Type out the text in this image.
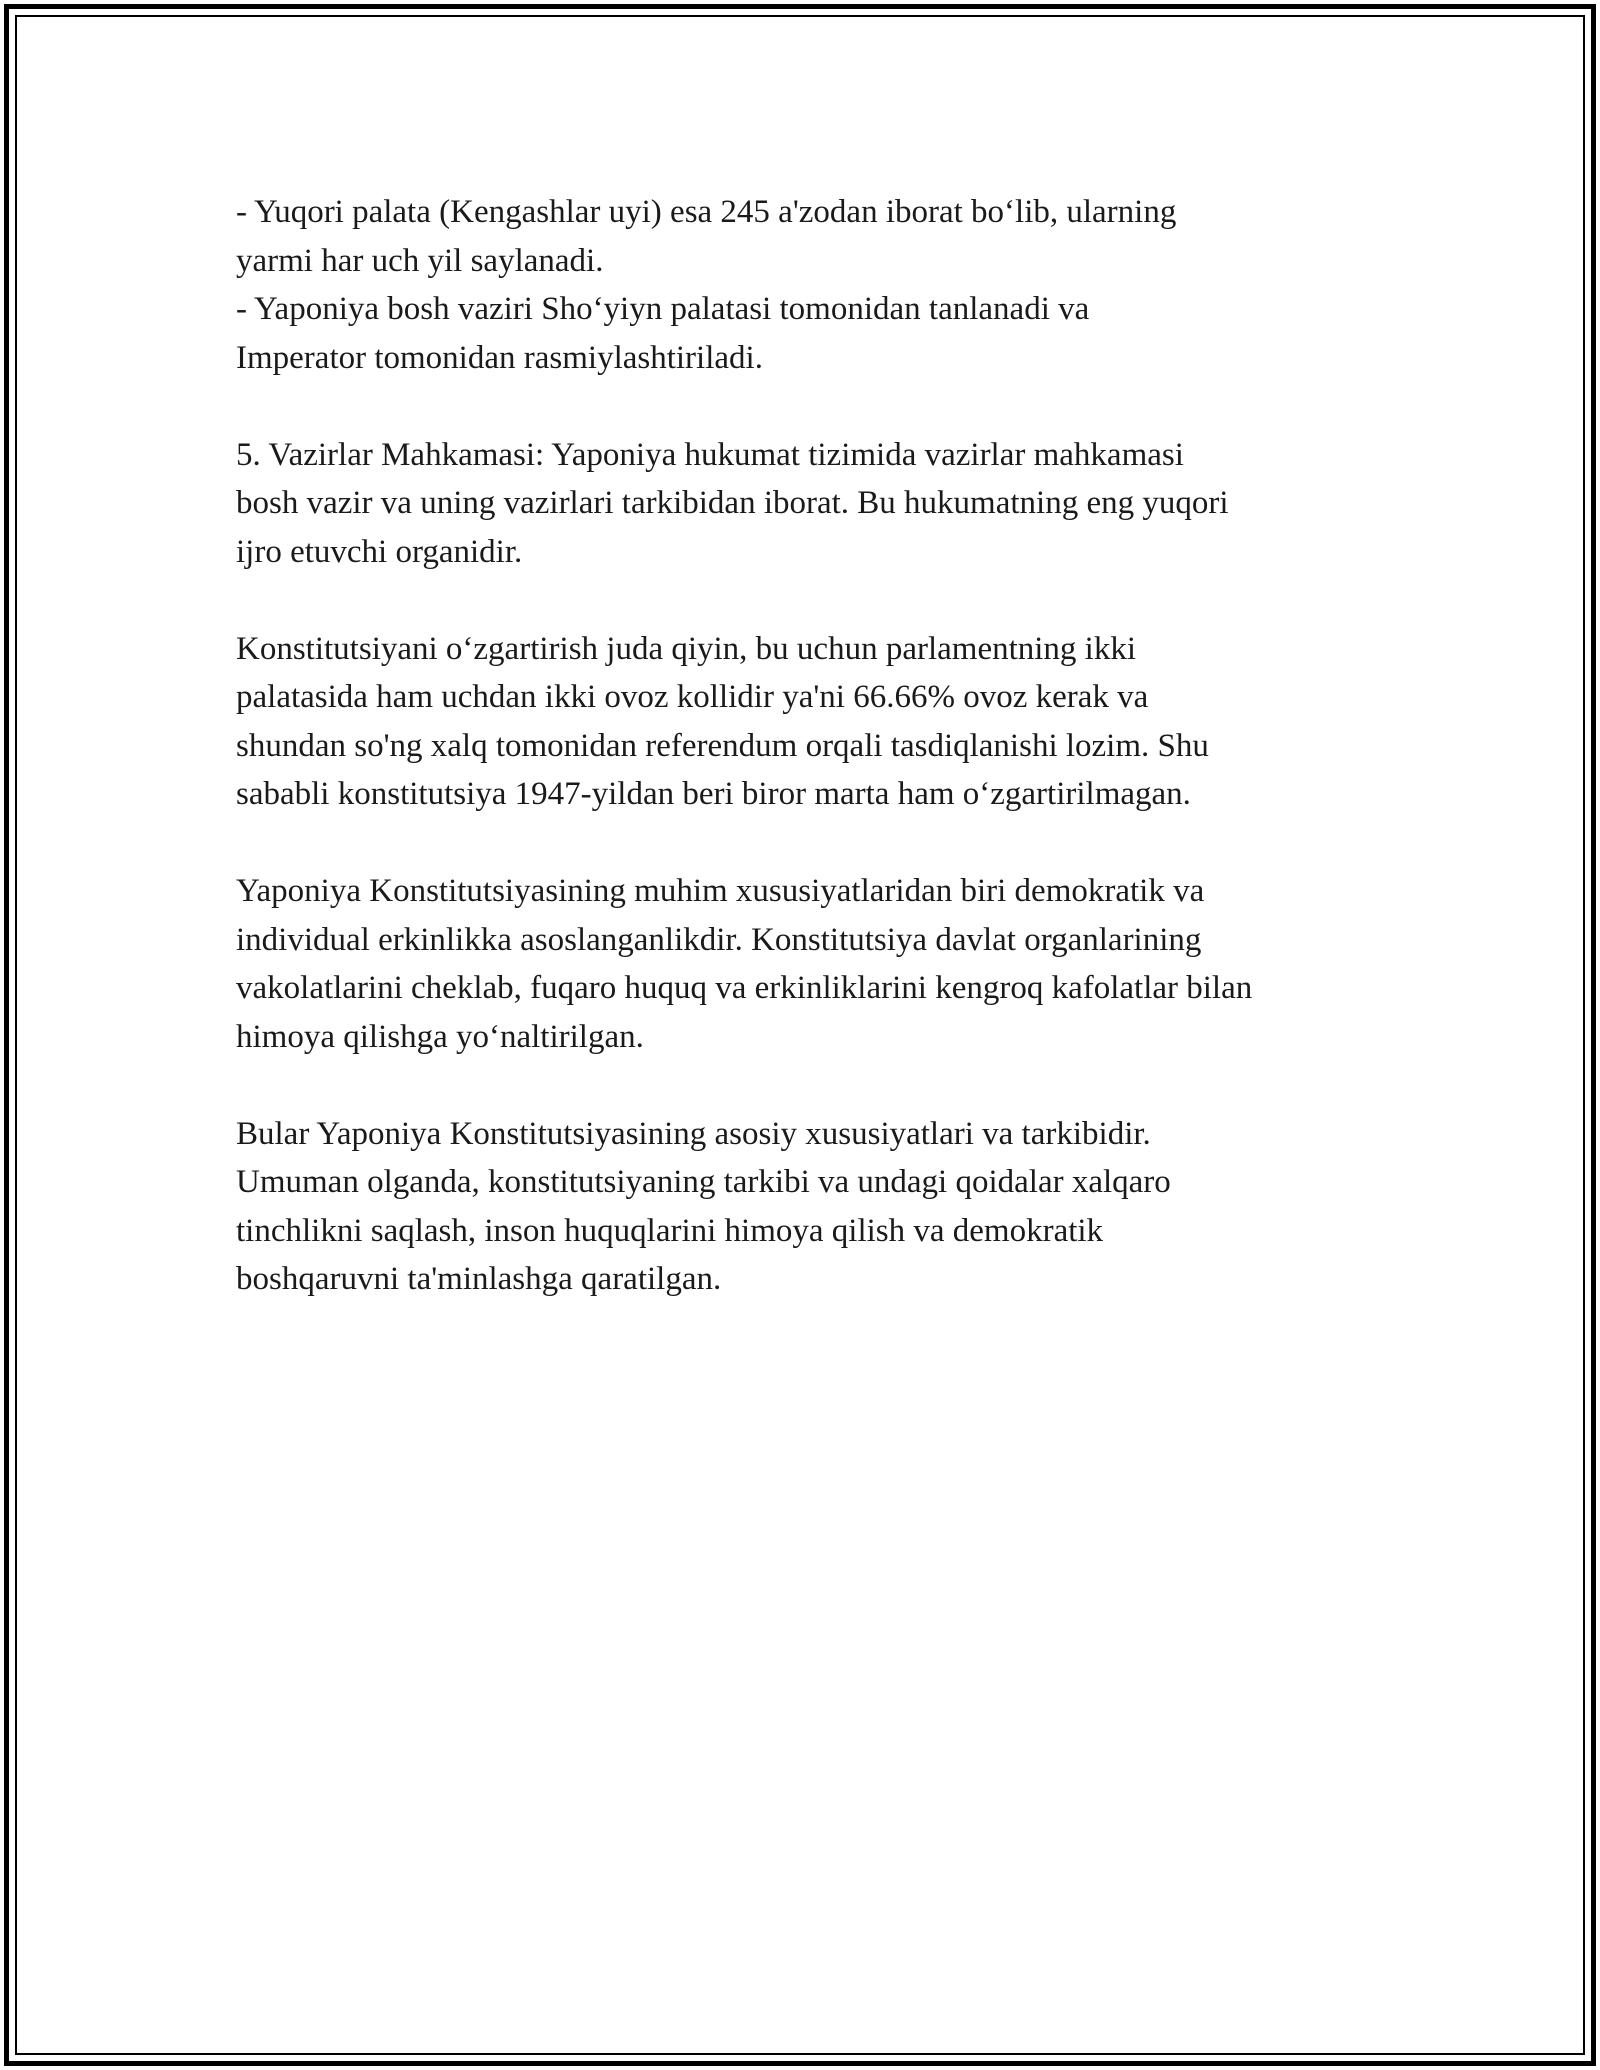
- Yuqori palata (Kengashlar uyi) esa 245 a'zodan iborat bo‘lib, ularning
yarmi har uch yil saylanadi.

- Yaponiya bosh vaziri Sho‘yiyn palatasi tomonidan tanlanadi va
Imperator tomonidan rasmiylashtiriladi.

5. Vazirlar Mahkamasi: Yaponiya hukumat tizimida vazirlar mahkamasi
bosh vazir va uning vazirlari tarkibidan iborat. Bu hukumatning eng yuqori
ijro etuvchi organidir.

Konstitutsiyani o‘zgartirish juda qiyin, bu uchun parlamentning ikki
palatasida ham uchdan ikki ovoz kollidir ya'ni 66.66% ovoz kerak va
shundan so'ng xalq tomonidan referendum orqali tasdiqlanishi lozim. Shu
sababli konstitutsiya 1947-yildan beri biror marta ham o‘zgartirilmagan.

Yaponiya Konstitutsiyasining muhim xususiyatlaridan biri demokratik va
individual erkinlikka asoslanganlikdir. Konstitutsiya davlat organlarining
vakolatlarini cheklab, fuqaro huquq va erkinliklarini kengroq kafolatlar bilan
himoya qilishga yo‘naltirilgan.

Bular Yaponiya Konstitutsiyasining asosiy xususiyatlari va tarkibidir.
Umuman olganda, konstitutsiyaning tarkibi va undagi qoidalar xalqaro
tinchlikni saqlash, inson huquqlarini himoya qilish va demokratik
boshqaruvni ta'minlashga qaratilgan.
